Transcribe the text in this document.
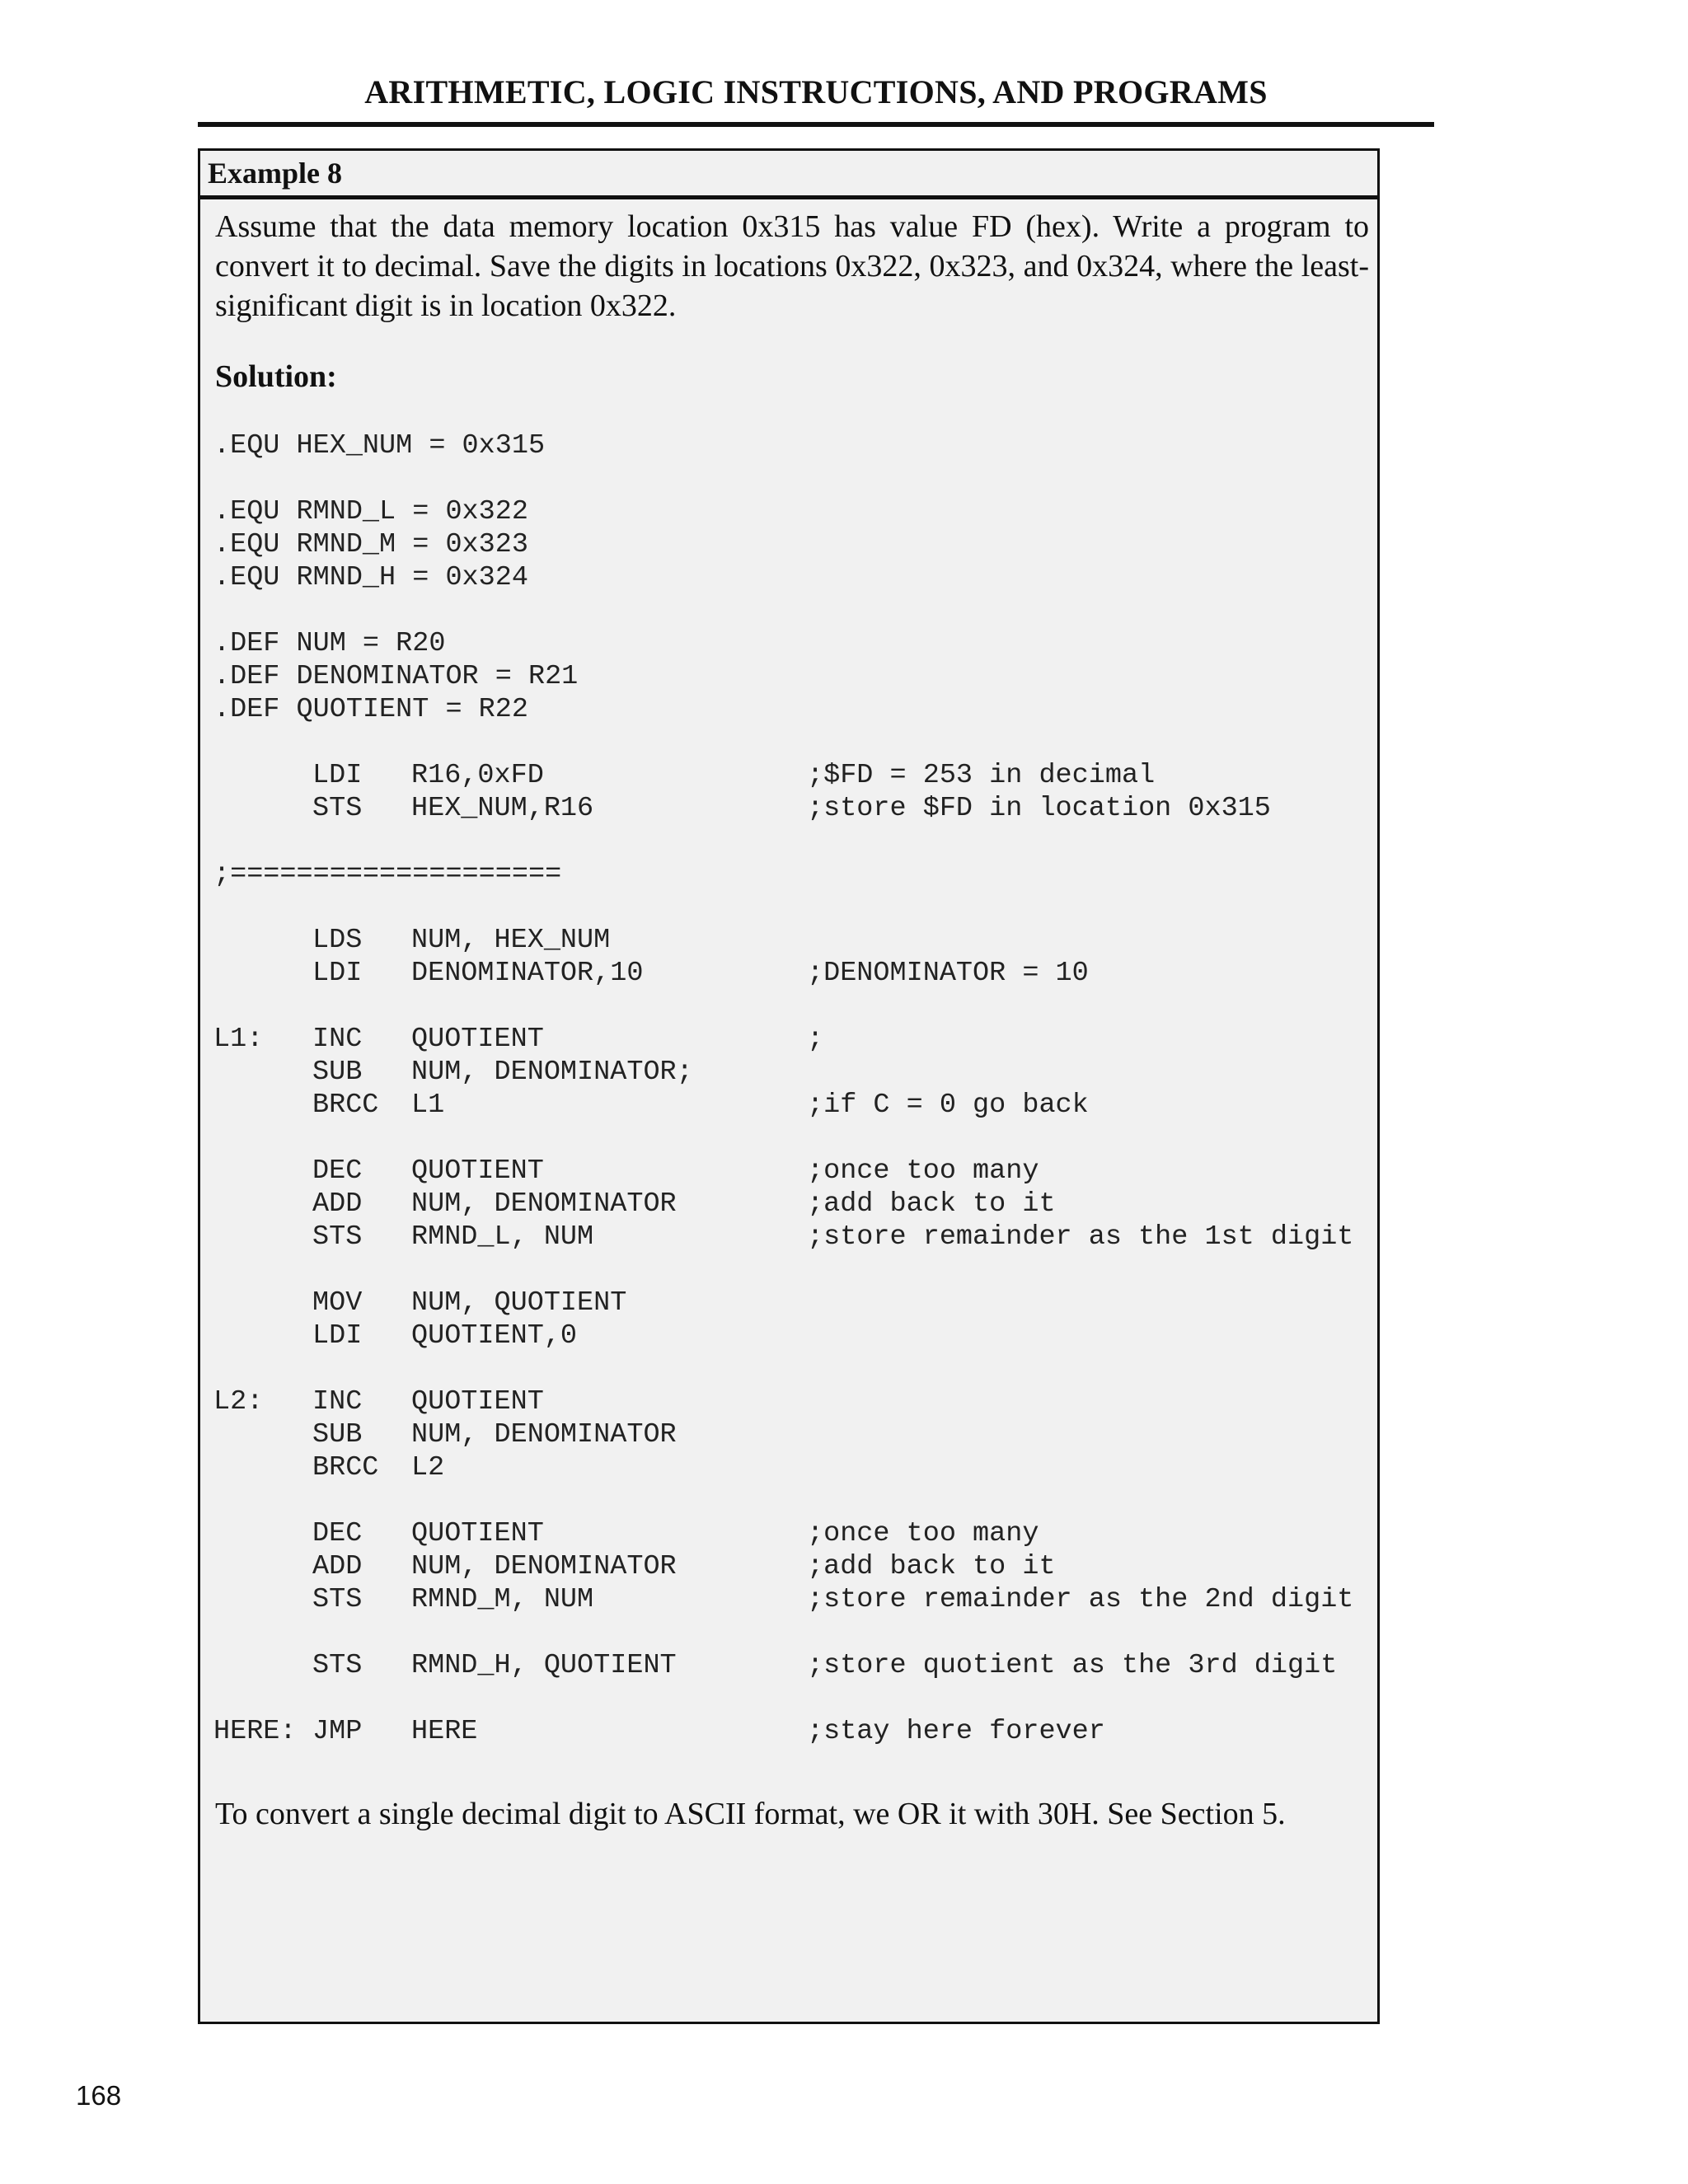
ARITHMETIC, LOGIC INSTRUCTIONS, AND PROGRAMS
Example 8

Assume that the data memory location 0x315 has value FD (hex). Write a program to convert it to decimal. Save the digits in locations 0x322, 0x323, and 0x324, where the least-significant digit is in location 0x322.

Solution:
.EQU HEX_NUM = 0x315
.EQU RMND_L = 0x322
.EQU RMND_M = 0x323
.EQU RMND_H = 0x324
.DEF NUM = R20
.DEF DENOMINATOR = R21
.DEF QUOTIENT = R22
LDI R16,0xFD	;$FD = 253 in decimal
STS HEX_NUM,R16	;store $FD in location 0x315
;====================
LDS NUM, HEX_NUM
LDI DENOMINATOR,10	;DENOMINATOR = 10
L1: INC QUOTIENT	;
SUB NUM, DENOMINATOR;
BRCC L1	;if C = 0 go back
DEC QUOTIENT	;once too many
ADD NUM, DENOMINATOR	;add back to it
STS RMND_L, NUM	;store remainder as the 1st digit
MOV NUM, QUOTIENT
LDI QUOTIENT,0
L2: INC QUOTIENT
SUB NUM, DENOMINATOR
BRCC L2
DEC QUOTIENT	;once too many
ADD NUM, DENOMINATOR	;add back to it
STS RMND_M, NUM	;store remainder as the 2nd digit
STS RMND_H, QUOTIENT	;store quotient as the 3rd digit
HERE: JMP HERE	;stay here forever
To convert a single decimal digit to ASCII format, we OR it with 30H. See Section 5.
168
